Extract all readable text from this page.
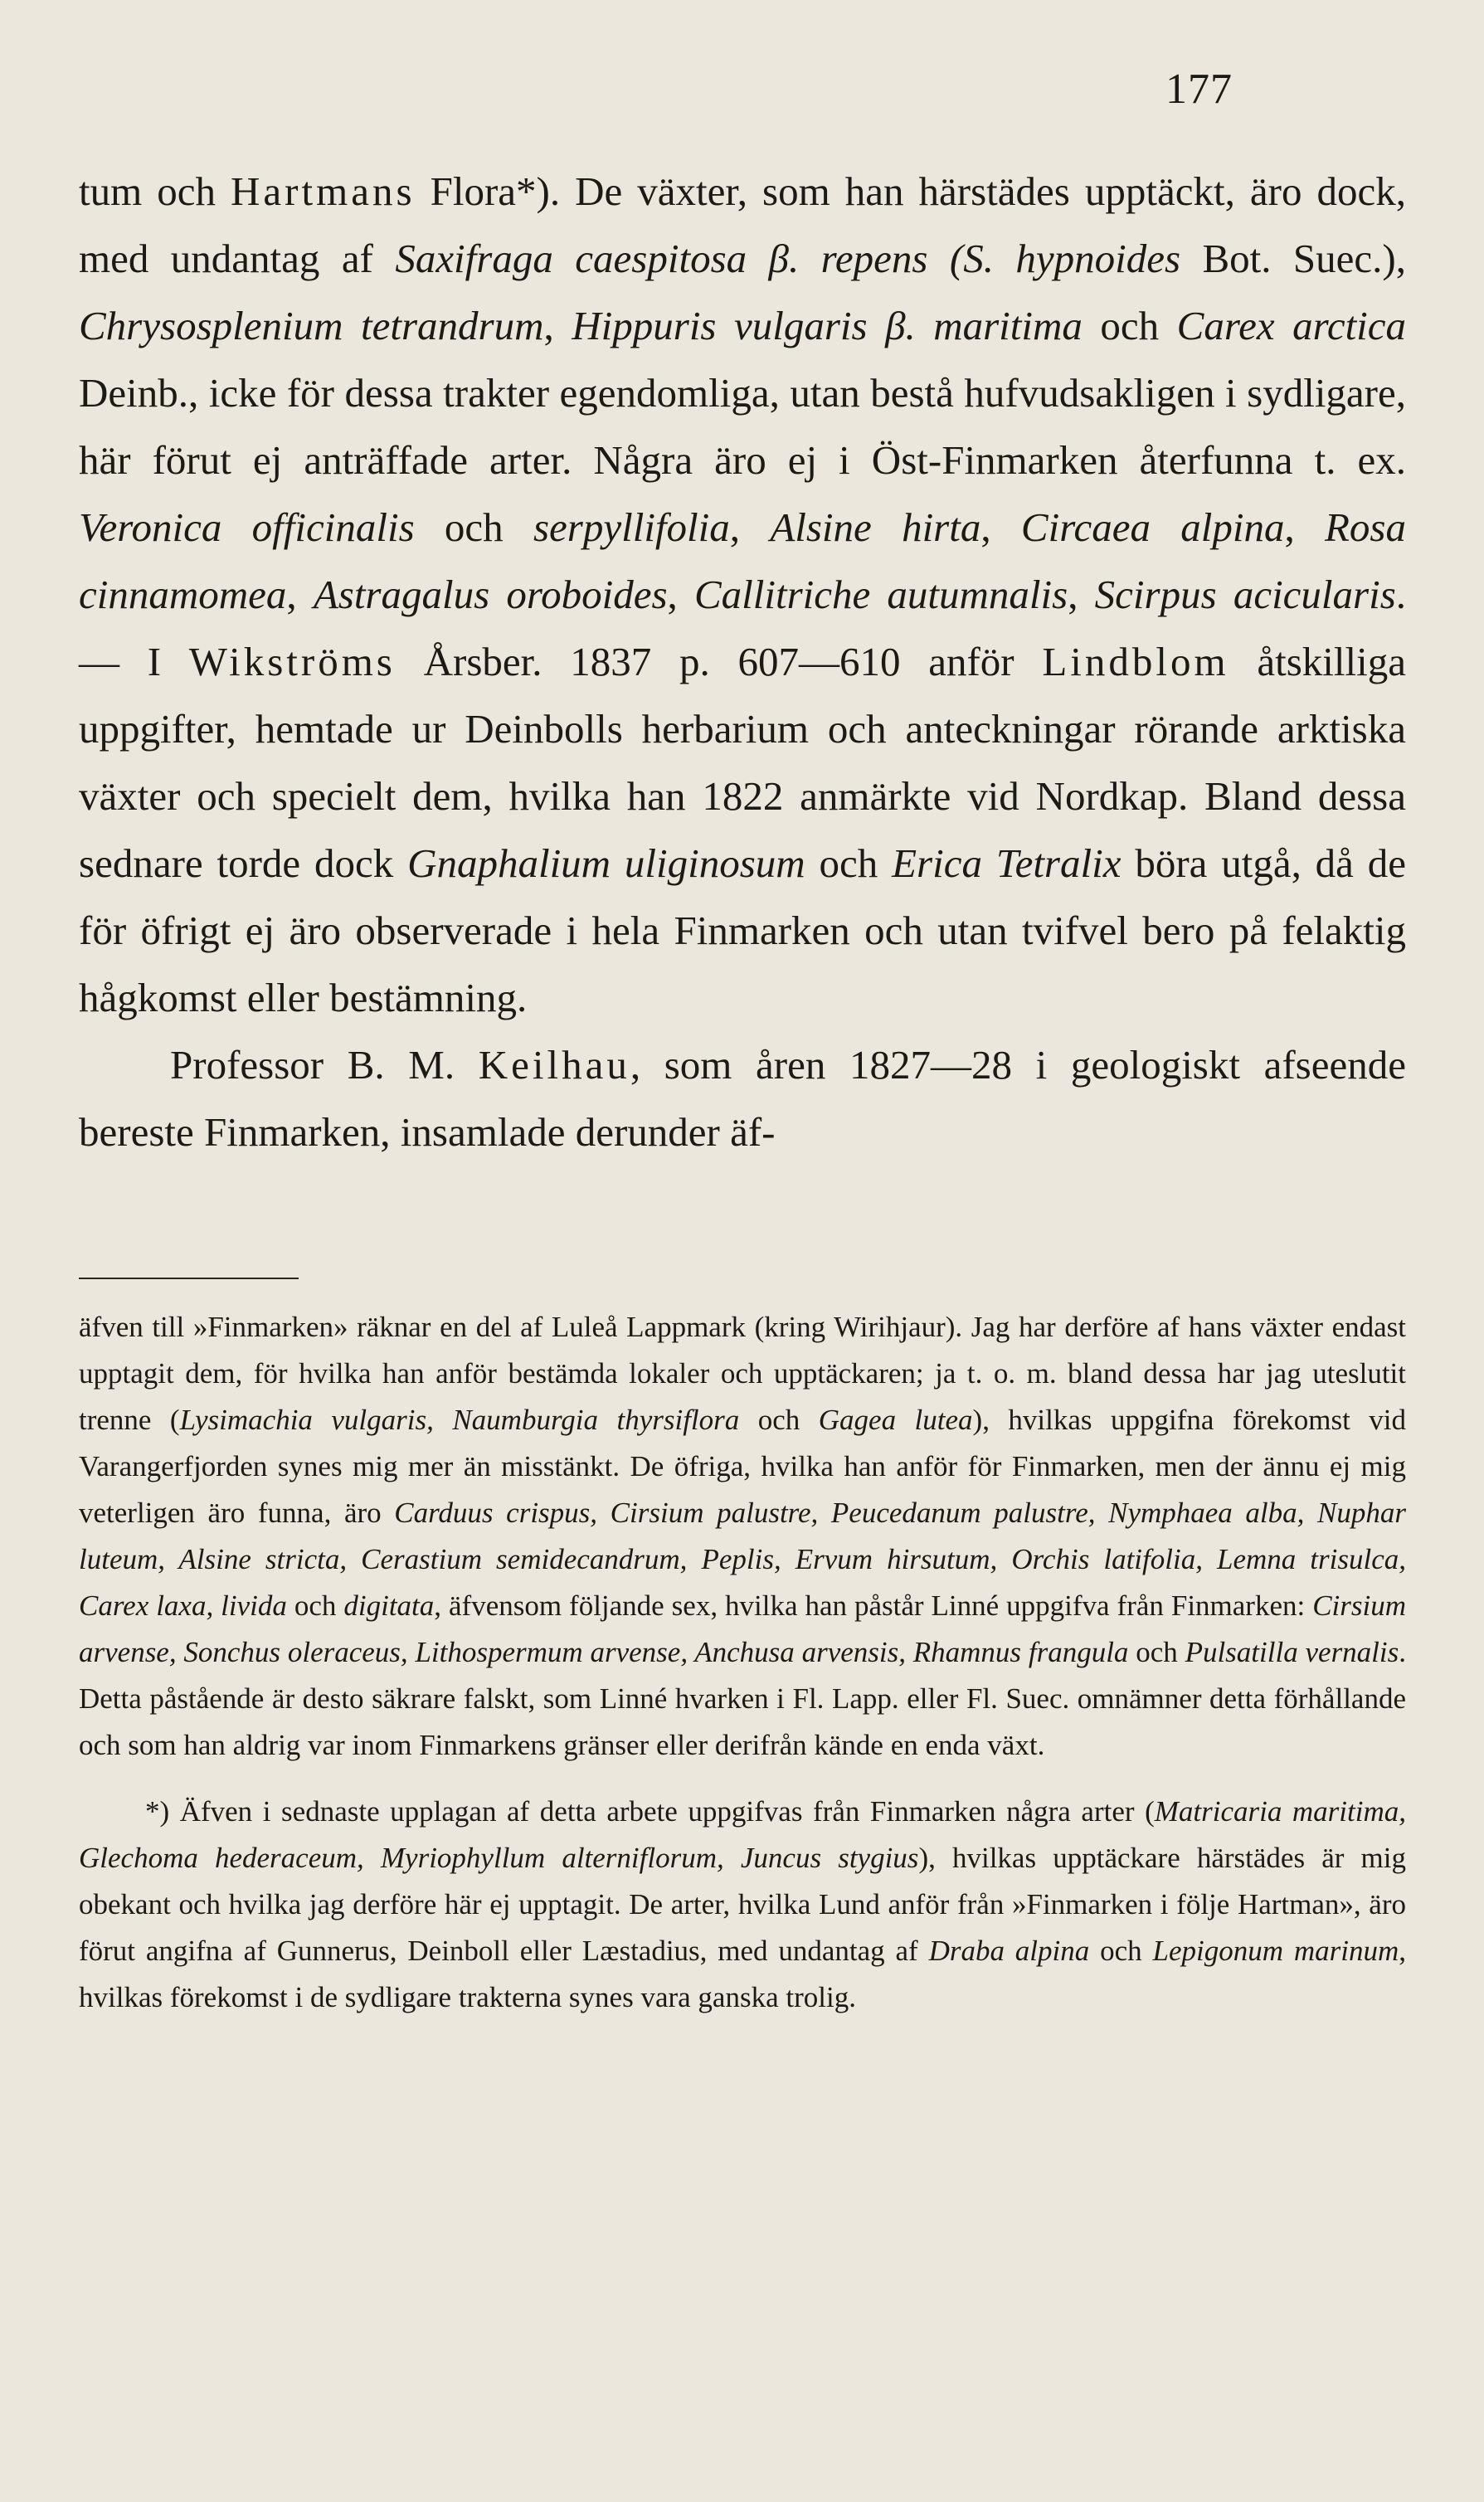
177

tum och Hartmans Flora*). De växter, som han härstädes upptäckt, äro dock, med undantag af Saxifraga caespitosa β. repens (S. hypnoides Bot. Suec.), Chrysosplenium tetrandrum, Hippuris vulgaris β. maritima och Carex arctica Deinb., icke för dessa trakter egendomliga, utan bestå hufvudsakligen i sydligare, här förut ej anträffade arter. Några äro ej i Öst-Finmarken återfunna t. ex. Veronica officinalis och serpyllifolia, Alsine hirta, Circaea alpina, Rosa cinnamomea, Astragalus oroboides, Callitriche autumnalis, Scirpus acicularis. — I Wikströms Årsber. 1837 p. 607—610 anför Lindblom åtskilliga uppgifter, hemtade ur Deinbolls herbarium och anteckningar rörande arktiska växter och specielt dem, hvilka han 1822 anmärkte vid Nordkap. Bland dessa sednare torde dock Gnaphalium uliginosum och Erica Tetralix böra utgå, då de för öfrigt ej äro observerade i hela Finmarken och utan tvifvel bero på felaktig hågkomst eller bestämning.

Professor B. M. Keilhau, som åren 1827—28 i geologiskt afseende bereste Finmarken, insamlade derunder äf-

äfven till »Finmarken» räknar en del af Luleå Lappmark (kring Wirihjaur). Jag har derföre af hans växter endast upptagit dem, för hvilka han anför bestämda lokaler och upptäckaren; ja t. o. m. bland dessa har jag uteslutit trenne (Lysimachia vulgaris, Naumburgia thyrsiflora och Gagea lutea), hvilkas uppgifna förekomst vid Varangerfjorden synes mig mer än misstänkt. De öfriga, hvilka han anför för Finmarken, men der ännu ej mig veterligen äro funna, äro Carduus crispus, Cirsium palustre, Peucedanum palustre, Nymphaea alba, Nuphar luteum, Alsine stricta, Cerastium semidecandrum, Peplis, Ervum hirsutum, Orchis latifolia, Lemna trisulca, Carex laxa, livida och digitata, äfvensom följande sex, hvilka han påstår Linné uppgifva från Finmarken: Cirsium arvense, Sonchus oleraceus, Lithospermum arvense, Anchusa arvensis, Rhamnus frangula och Pulsatilla vernalis. Detta påstående är desto säkrare falskt, som Linné hvarken i Fl. Lapp. eller Fl. Suec. omnämner detta förhållande och som han aldrig var inom Finmarkens gränser eller derifrån kände en enda växt.

*) Äfven i sednaste upplagan af detta arbete uppgifvas från Finmarken några arter (Matricaria maritima, Glechoma hederaceum, Myriophyllum alterniflorum, Juncus stygius), hvilkas upptäckare härstädes är mig obekant och hvilka jag derföre här ej upptagit. De arter, hvilka Lund anför från »Finmarken i följe Hartman», äro förut angifna af Gunnerus, Deinboll eller Læstadius, med undantag af Draba alpina och Lepigonum marinum, hvilkas förekomst i de sydligare trakterna synes vara ganska trolig.
